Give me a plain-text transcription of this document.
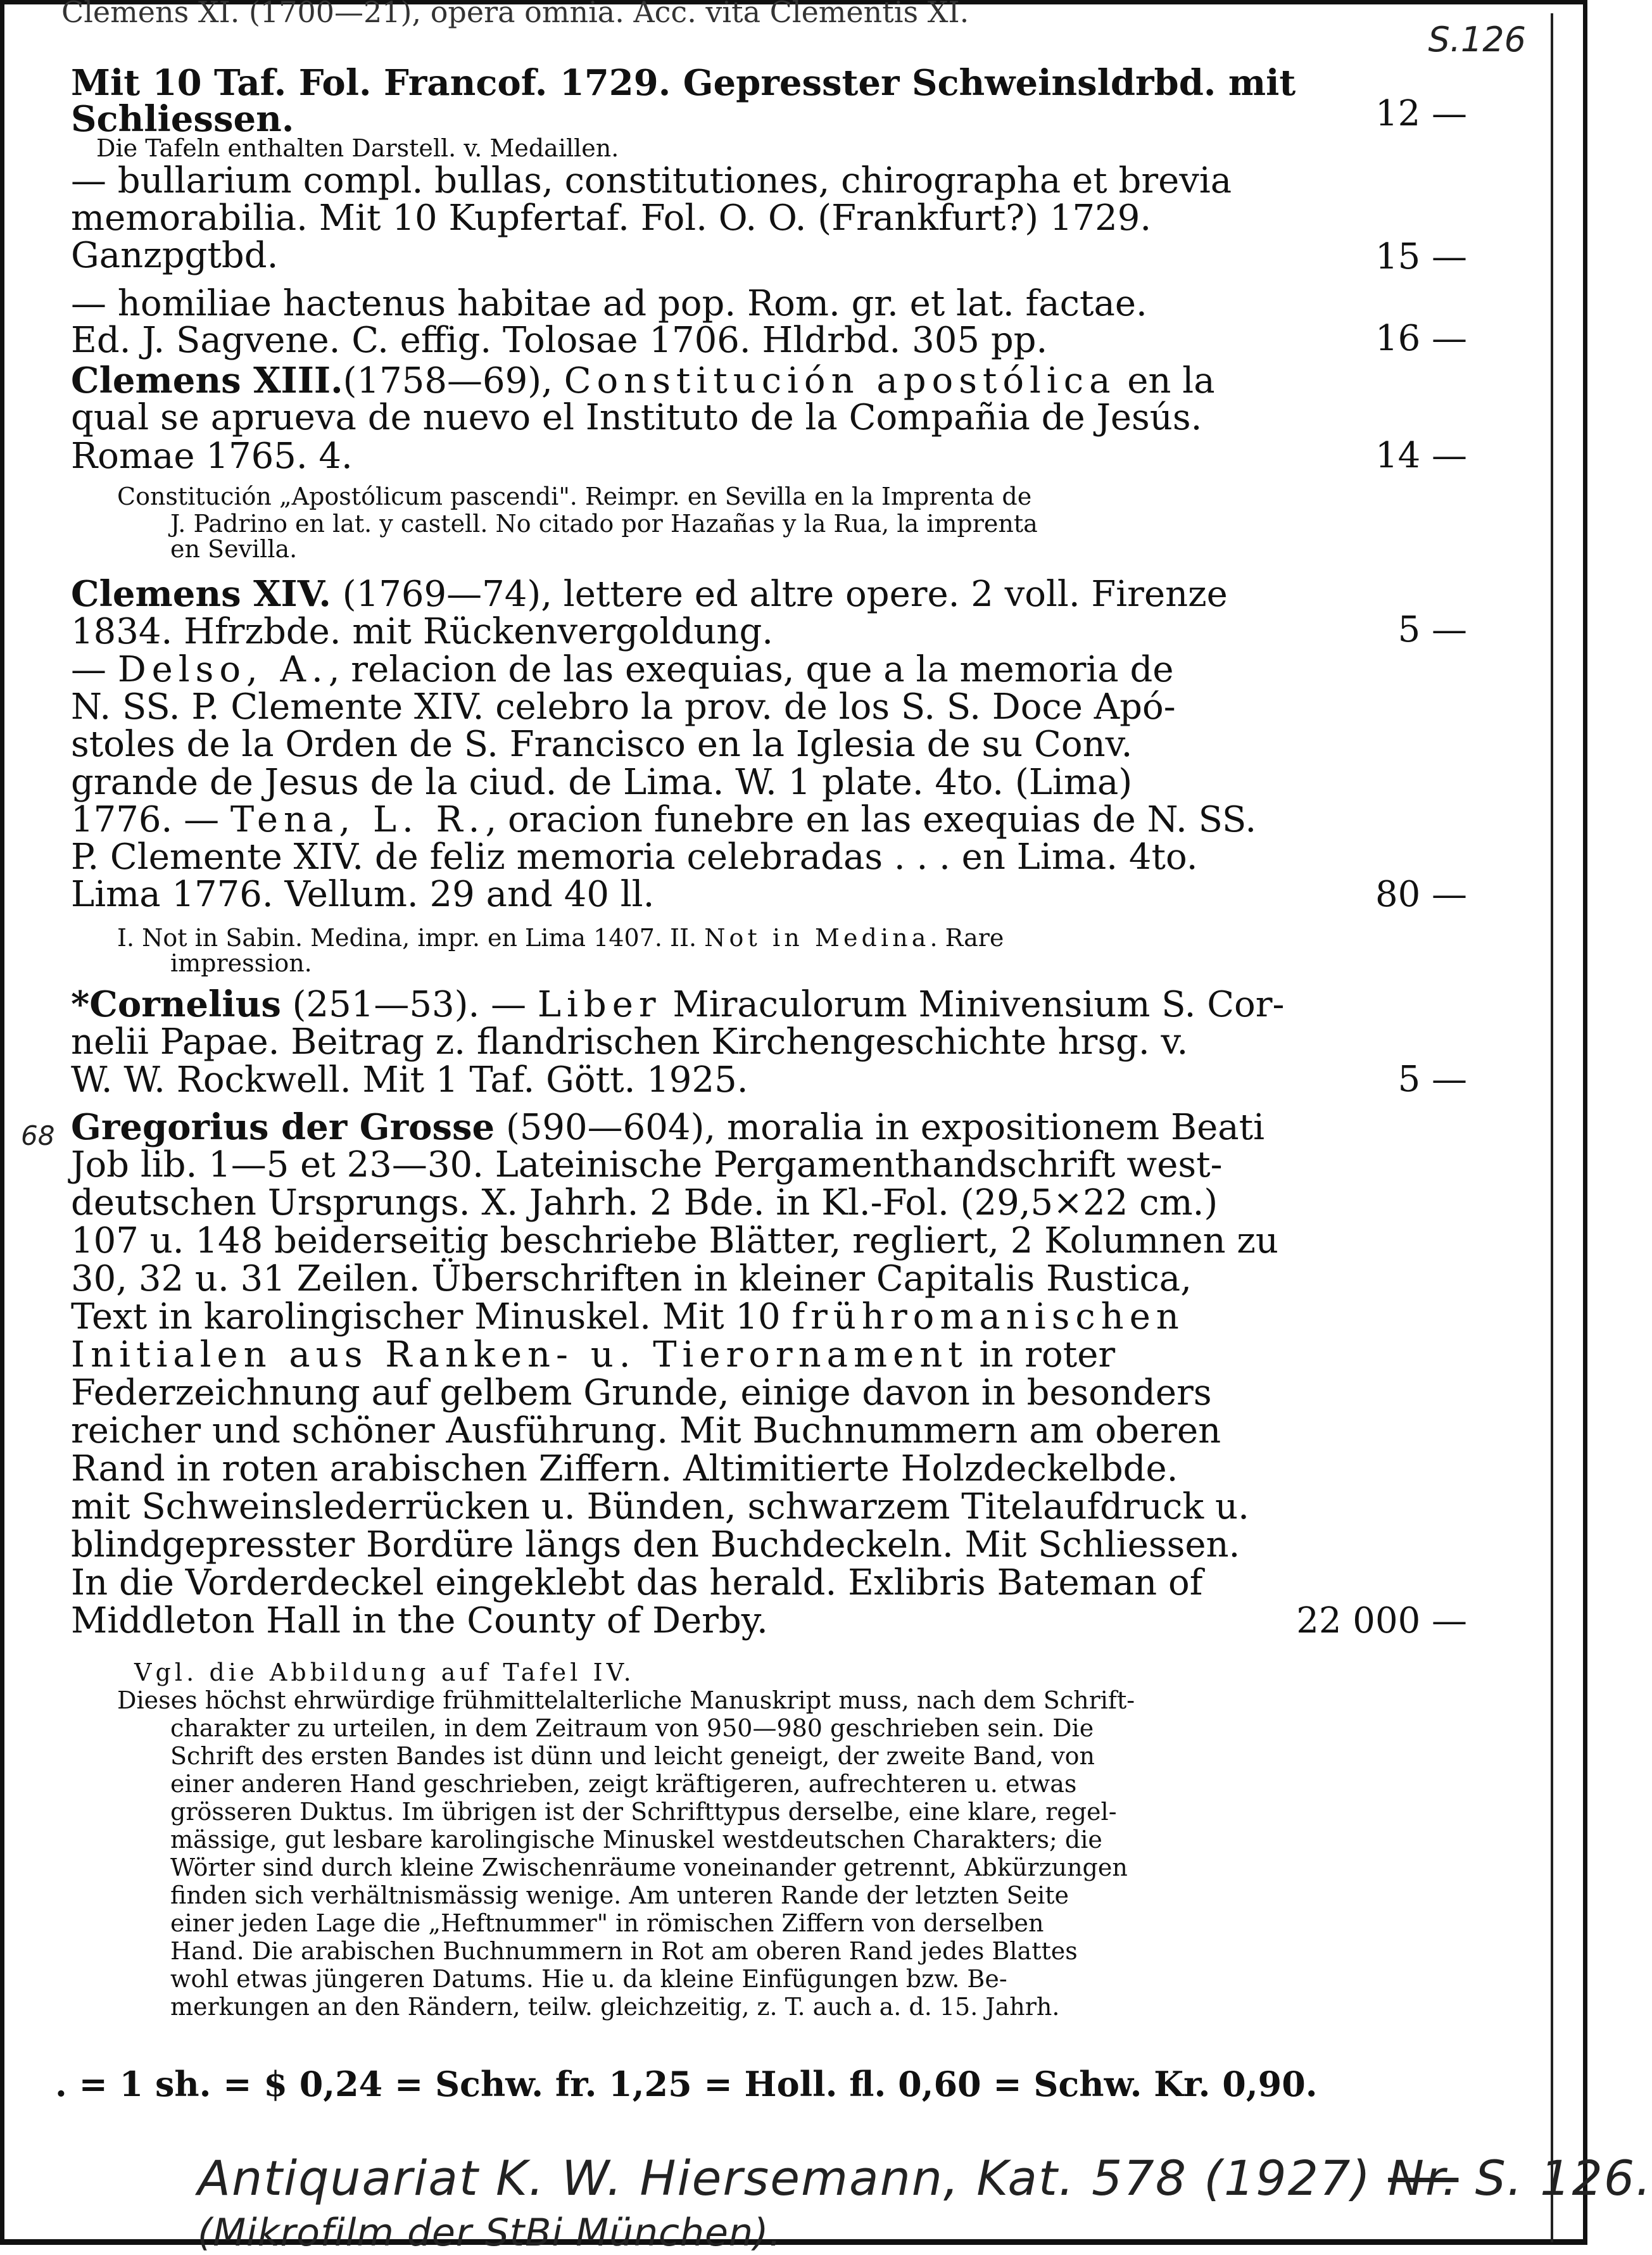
Clemens XI. (1700—21), opera omnia. Acc. vita Clementis XI.
S.126
Mit 10 Taf. Fol. Francof. 1729. Gepresster Schweinsldrbd. mit
Schliessen.	12 —
Die Tafeln enthalten Darstell. v. Medaillen.
— bullarium compl. bullas, constitutiones, chirographa et brevia
memorabilia. Mit 10 Kupfertaf. Fol. O. O. (Frankfurt?) 1729.
Ganzpgtbd.	15 —
— homiliae hactenus habitae ad pop. Rom. gr. et lat. factae.
Ed. J. Sagvene. C. effig. Tolosae 1706. Hldrbd. 305 pp.	16 —
Clemens XIII.(1758—69), Constitución apostólica en la
qual se aprueva de nuevo el Instituto de la Compañia de Jesús.
Romae 1765. 4.	14 —
Constitución „Apostólicum pascendi". Reimpr. en Sevilla en la Imprenta de
J. Padrino en lat. y castell. No citado por Hazañas y la Rua, la imprenta
en Sevilla.
Clemens XIV. (1769—74), lettere ed altre opere. 2 voll. Firenze
1834. Hfrzbde. mit Rückenvergoldung.	5 —
— Delso, A., relacion de las exequias, que a la memoria de
N. SS. P. Clemente XIV. celebro la prov. de los S. S. Doce Apó-
stoles de la Orden de S. Francisco en la Iglesia de su Conv.
grande de Jesus de la ciud. de Lima. W. 1 plate. 4to. (Lima)
1776. — Tena, L. R., oracion funebre en las exequias de N. SS.
P. Clemente XIV. de feliz memoria celebradas . . . en Lima. 4to.
Lima 1776. Vellum. 29 and 40 ll.	80 —
I. Not in Sabin. Medina, impr. en Lima 1407. II. Not in Medina. Rare
impression.
*Cornelius (251—53). — Liber Miraculorum Minivensium S. Cor-
nelii Papae. Beitrag z. flandrischen Kirchengeschichte hrsg. v.
W. W. Rockwell. Mit 1 Taf. Gött. 1925.	5 —
68 Gregorius der Grosse (590—604), moralia in expositionem Beati
Job lib. 1—5 et 23—30. Lateinische Pergamenthandschrift west-
deutschen Ursprungs. X. Jahrh. 2 Bde. in Kl.-Fol. (29,5×22 cm.)
107 u. 148 beiderseitig beschriebe Blätter, regliert, 2 Kolumnen zu
30, 32 u. 31 Zeilen. Überschriften in kleiner Capitalis Rustica,
Text in karolingischer Minuskel. Mit 10 frühromanischen
Initialen aus Ranken- u. Tierornament in roter
Federzeichnung auf gelbem Grunde, einige davon in besonders
reicher und schöner Ausführung. Mit Buchnummern am oberen
Rand in roten arabischen Ziffern. Altimitierte Holzdeckelbde.
mit Schweinslederrücken u. Bünden, schwarzem Titelaufdruck u.
blindgepresster Bordüre längs den Buchdeckeln. Mit Schliessen.
In die Vorderdeckel eingeklebt das herald. Exlibris Bateman of
Middleton Hall in the County of Derby.	22 000 —
Vgl. die Abbildung auf Tafel IV.
Dieses höchst ehrwürdige frühmittelalterliche Manuskript muss, nach dem Schrift-
charakter zu urteilen, in dem Zeitraum von 950—980 geschrieben sein. Die
Schrift des ersten Bandes ist dünn und leicht geneigt, der zweite Band, von
einer anderen Hand geschrieben, zeigt kräftigeren, aufrechteren u. etwas
grösseren Duktus. Im übrigen ist der Schrifttypus derselbe, eine klare, regel-
mässige, gut lesbare karolingische Minuskel westdeutschen Charakters; die
Wörter sind durch kleine Zwischenräume voneinander getrennt, Abkürzungen
finden sich verhältnismässig wenige. Am unteren Rande der letzten Seite
einer jeden Lage die „Heftnummer" in römischen Ziffern von derselben
Hand. Die arabischen Buchnummern in Rot am oberen Rand jedes Blattes
wohl etwas jüngeren Datums. Hie u. da kleine Einfügungen bzw. Be-
merkungen an den Rändern, teilw. gleichzeitig, z. T. auch a. d. 15. Jahrh.
. = 1 sh. = $ 0,24 = Schw. fr. 1,25 = Holl. fl. 0,60 = Schw. Kr. 0,90.
Antiquariat K. W. Hiersemann, Kat. 578 (1927) Nr. S. 126.
(Mikrofilm der StBi München).
